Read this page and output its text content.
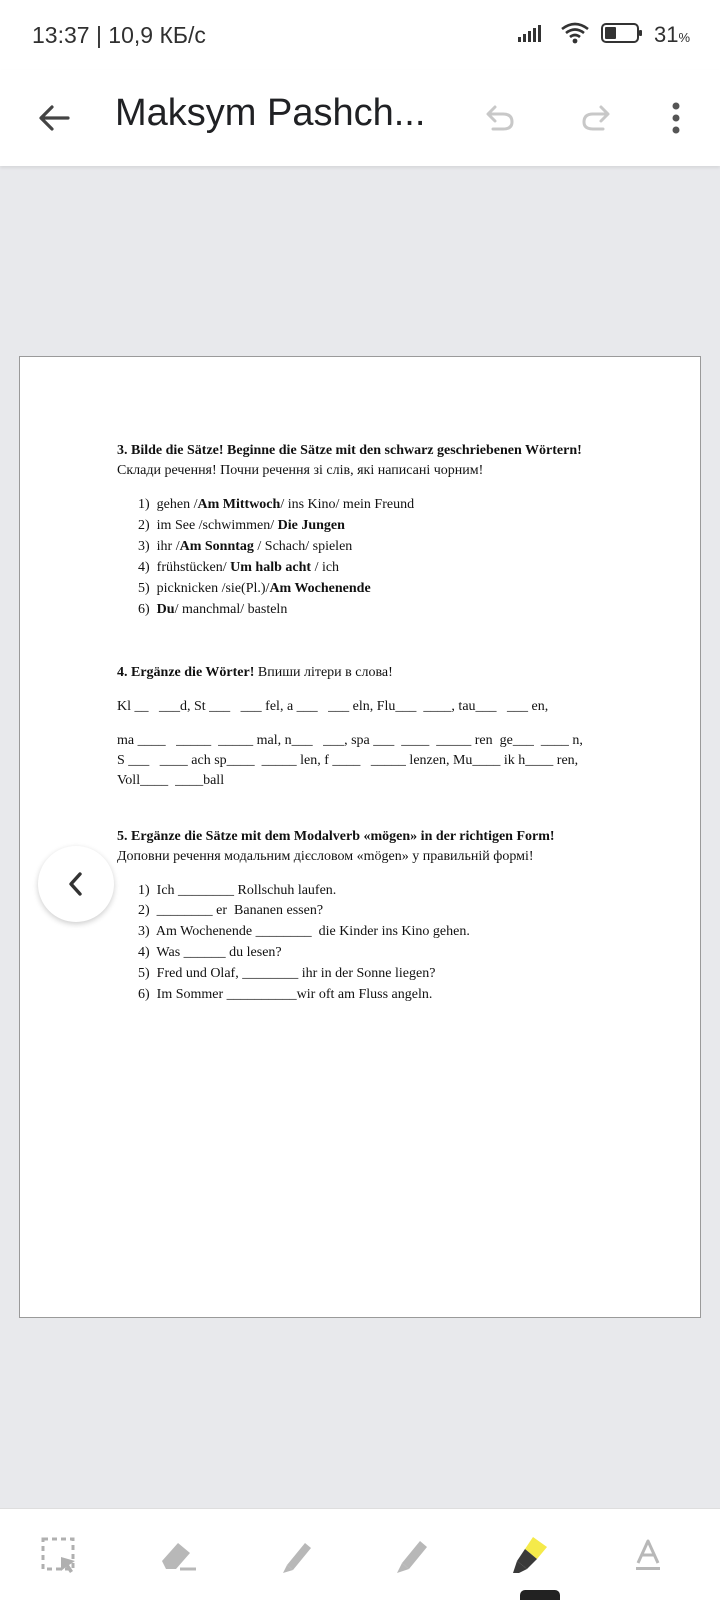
13:37 | 10,9 КБ/с	31%
Maksym Pashch...
3. Bilde die Sätze! Beginne die Sätze mit den schwarz geschriebenen Wörtern!
Склади речення! Почни речення зі слів, які написані чорним!
1) gehen /Am Mittwoch/ ins Kino/ mein Freund
2) im See /schwimmen/ Die Jungen
3) ihr /Am Sonntag / Schach/ spielen
4) frühstücken/ Um halb acht / ich
5) picknicken /sie(Pl.)/Am Wochenende
6) Du/ manchmal/ basteln
4. Ergänze die Wörter! Впиши літери в слова!
Kl __   ___d, St ___   ___ fel, a ___   ___ eln, Flu___  ____, tau___   ___ en,
ma ____   _____  _____ mal, n___   ___, spa ___  ____  _____ ren  ge___  ____ n,
S ___   ____ ach sp____  _____ len, f ____   _____ lenzen, Mu____ ik h____ ren,
Voll____  ____ball
5. Ergänze die Sätze mit dem Modalverb «mögen» in der richtigen Form!
Доповни речення модальним дієсловом «mögen» у правильній формі!
1)  Ich ________ Rollschuh laufen.
2)  ________ er  Bananen essen?
3)  Am Wochenende ________  die Kinder ins Kino gehen.
4)  Was ______ du lesen?
5)  Fred und Olaf, ________ ihr in der Sonne liegen?
6)  Im Sommer __________wir oft am Fluss angeln.
